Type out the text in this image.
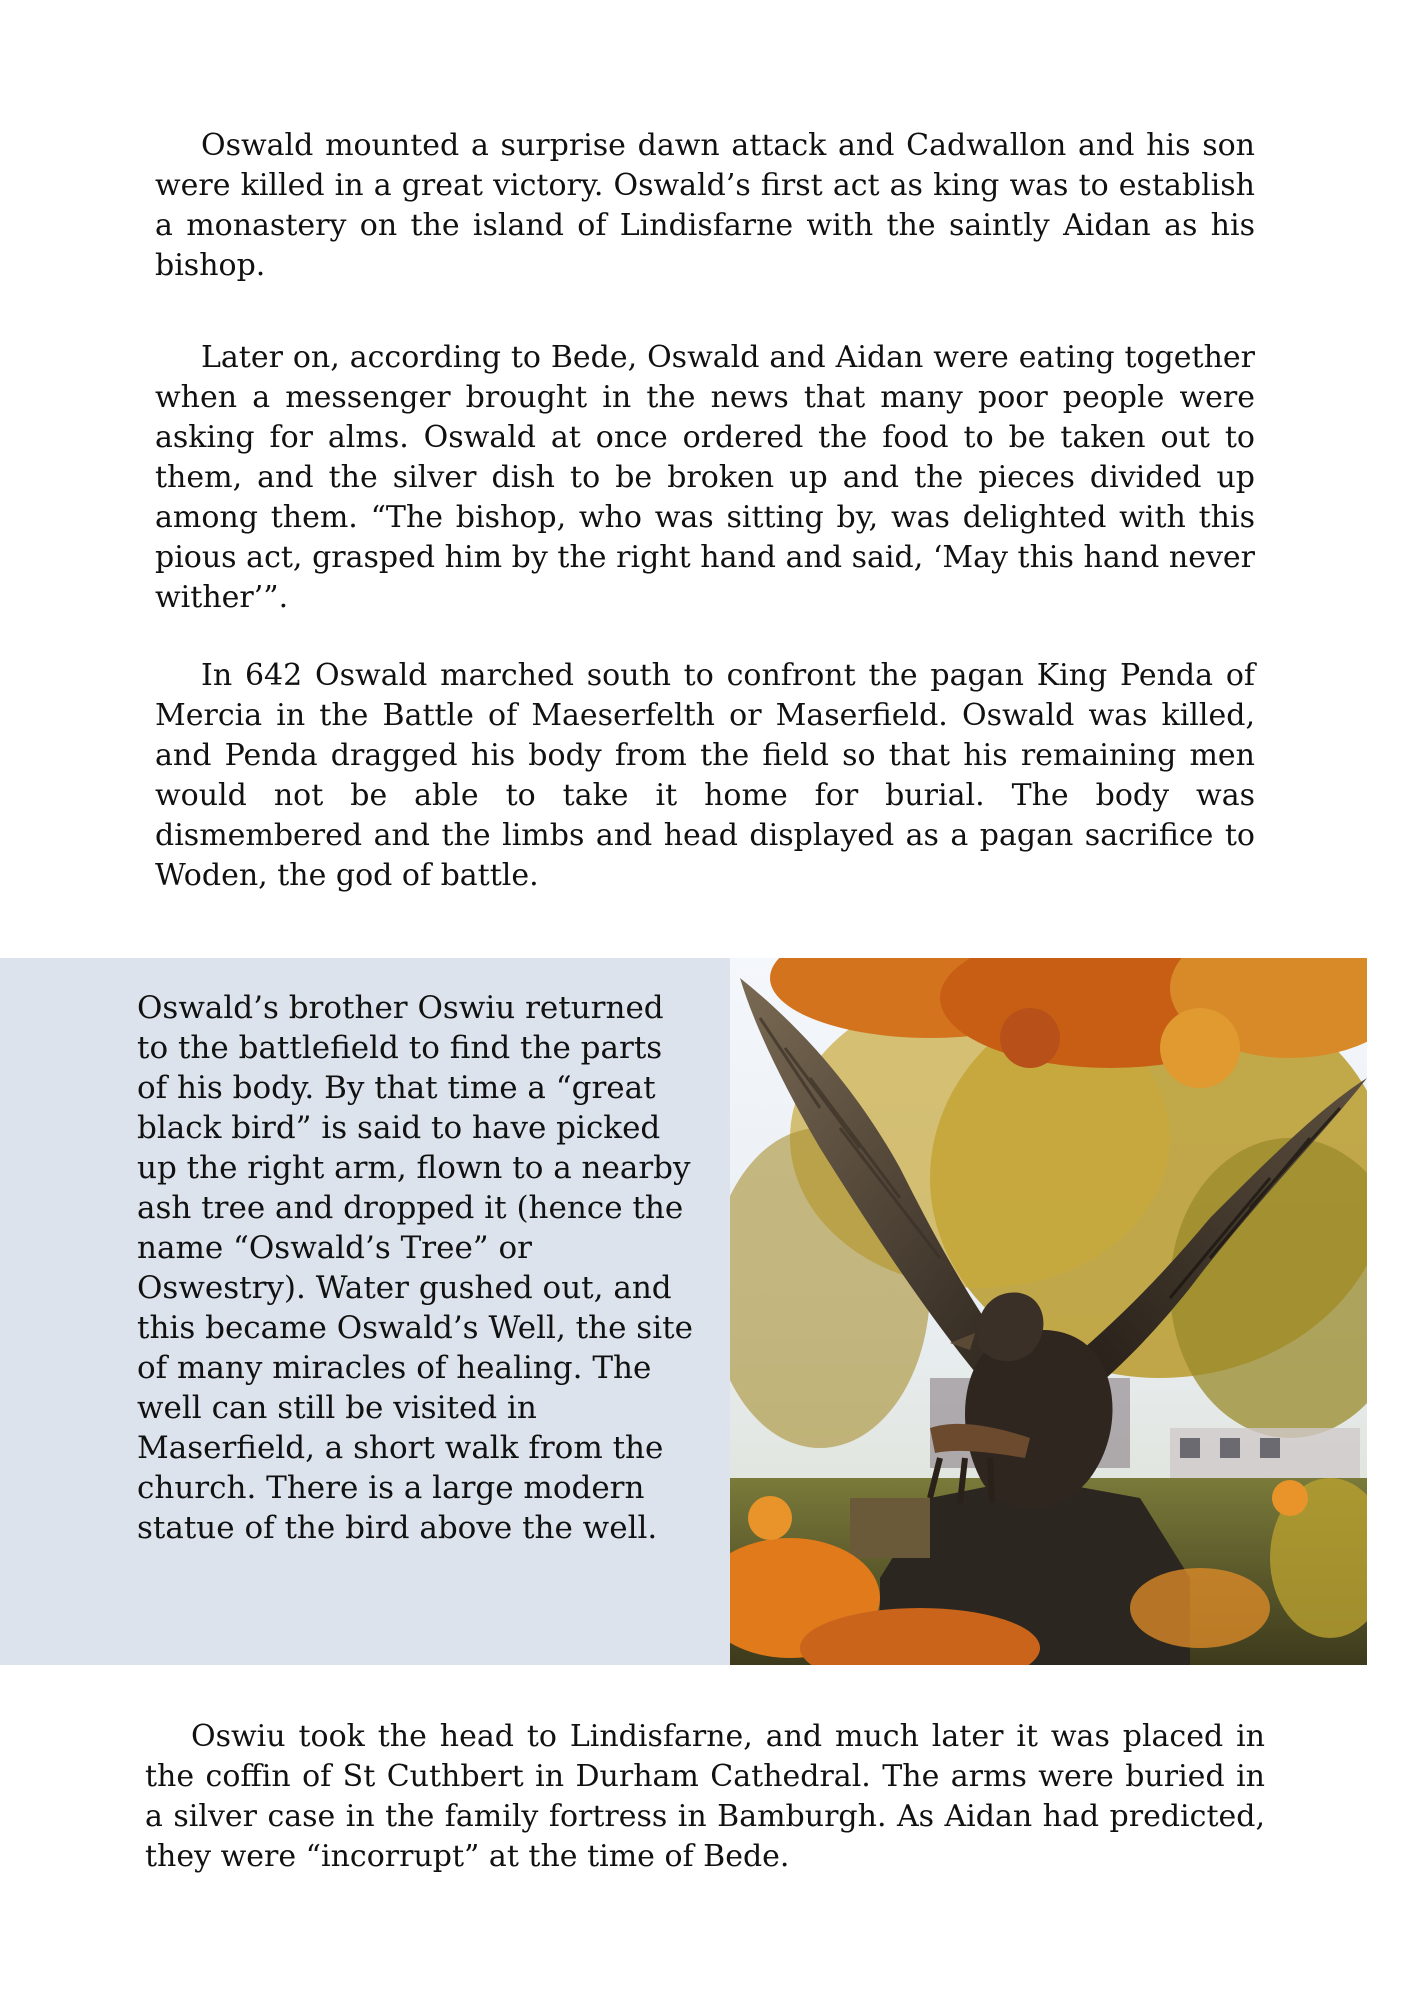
Oswald mounted a surprise dawn attack and Cadwallon and his son were killed in a great victory. Oswald’s first act as king was to establish a monastery on the island of Lindisfarne with the saintly Aidan as his bishop.

Later on, according to Bede, Oswald and Aidan were eating together when a messenger brought in the news that many poor people were asking for alms. Oswald at once ordered the food to be taken out to them, and the silver dish to be broken up and the pieces divided up among them. “The bishop, who was sitting by, was delighted with this pious act, grasped him by the right hand and said, ‘May this hand never wither’”.

In 642 Oswald marched south to confront the pagan King Penda of Mercia in the Battle of Maeserfelth or Maserfield. Oswald was killed, and Penda dragged his body from the field so that his remaining men would not be able to take it home for burial. The body was dismembered and the limbs and head displayed as a pagan sacrifice to Woden, the god of battle.

Oswald’s brother Oswiu returned to the battlefield to find the parts of his body. By that time a “great black bird” is said to have picked up the right arm, flown to a nearby ash tree and dropped it (hence the name “Oswald’s Tree” or Oswestry). Water gushed out, and this became Oswald’s Well, the site of many miracles of healing. The well can still be visited in Maserfield, a short walk from the church. There is a large modern statue of the bird above the well.

Oswiu took the head to Lindisfarne, and much later it was placed in the coffin of St Cuthbert in Durham Cathedral. The arms were buried in a silver case in the family fortress in Bamburgh. As Aidan had predicted, they were “incorrupt” at the time of Bede.
